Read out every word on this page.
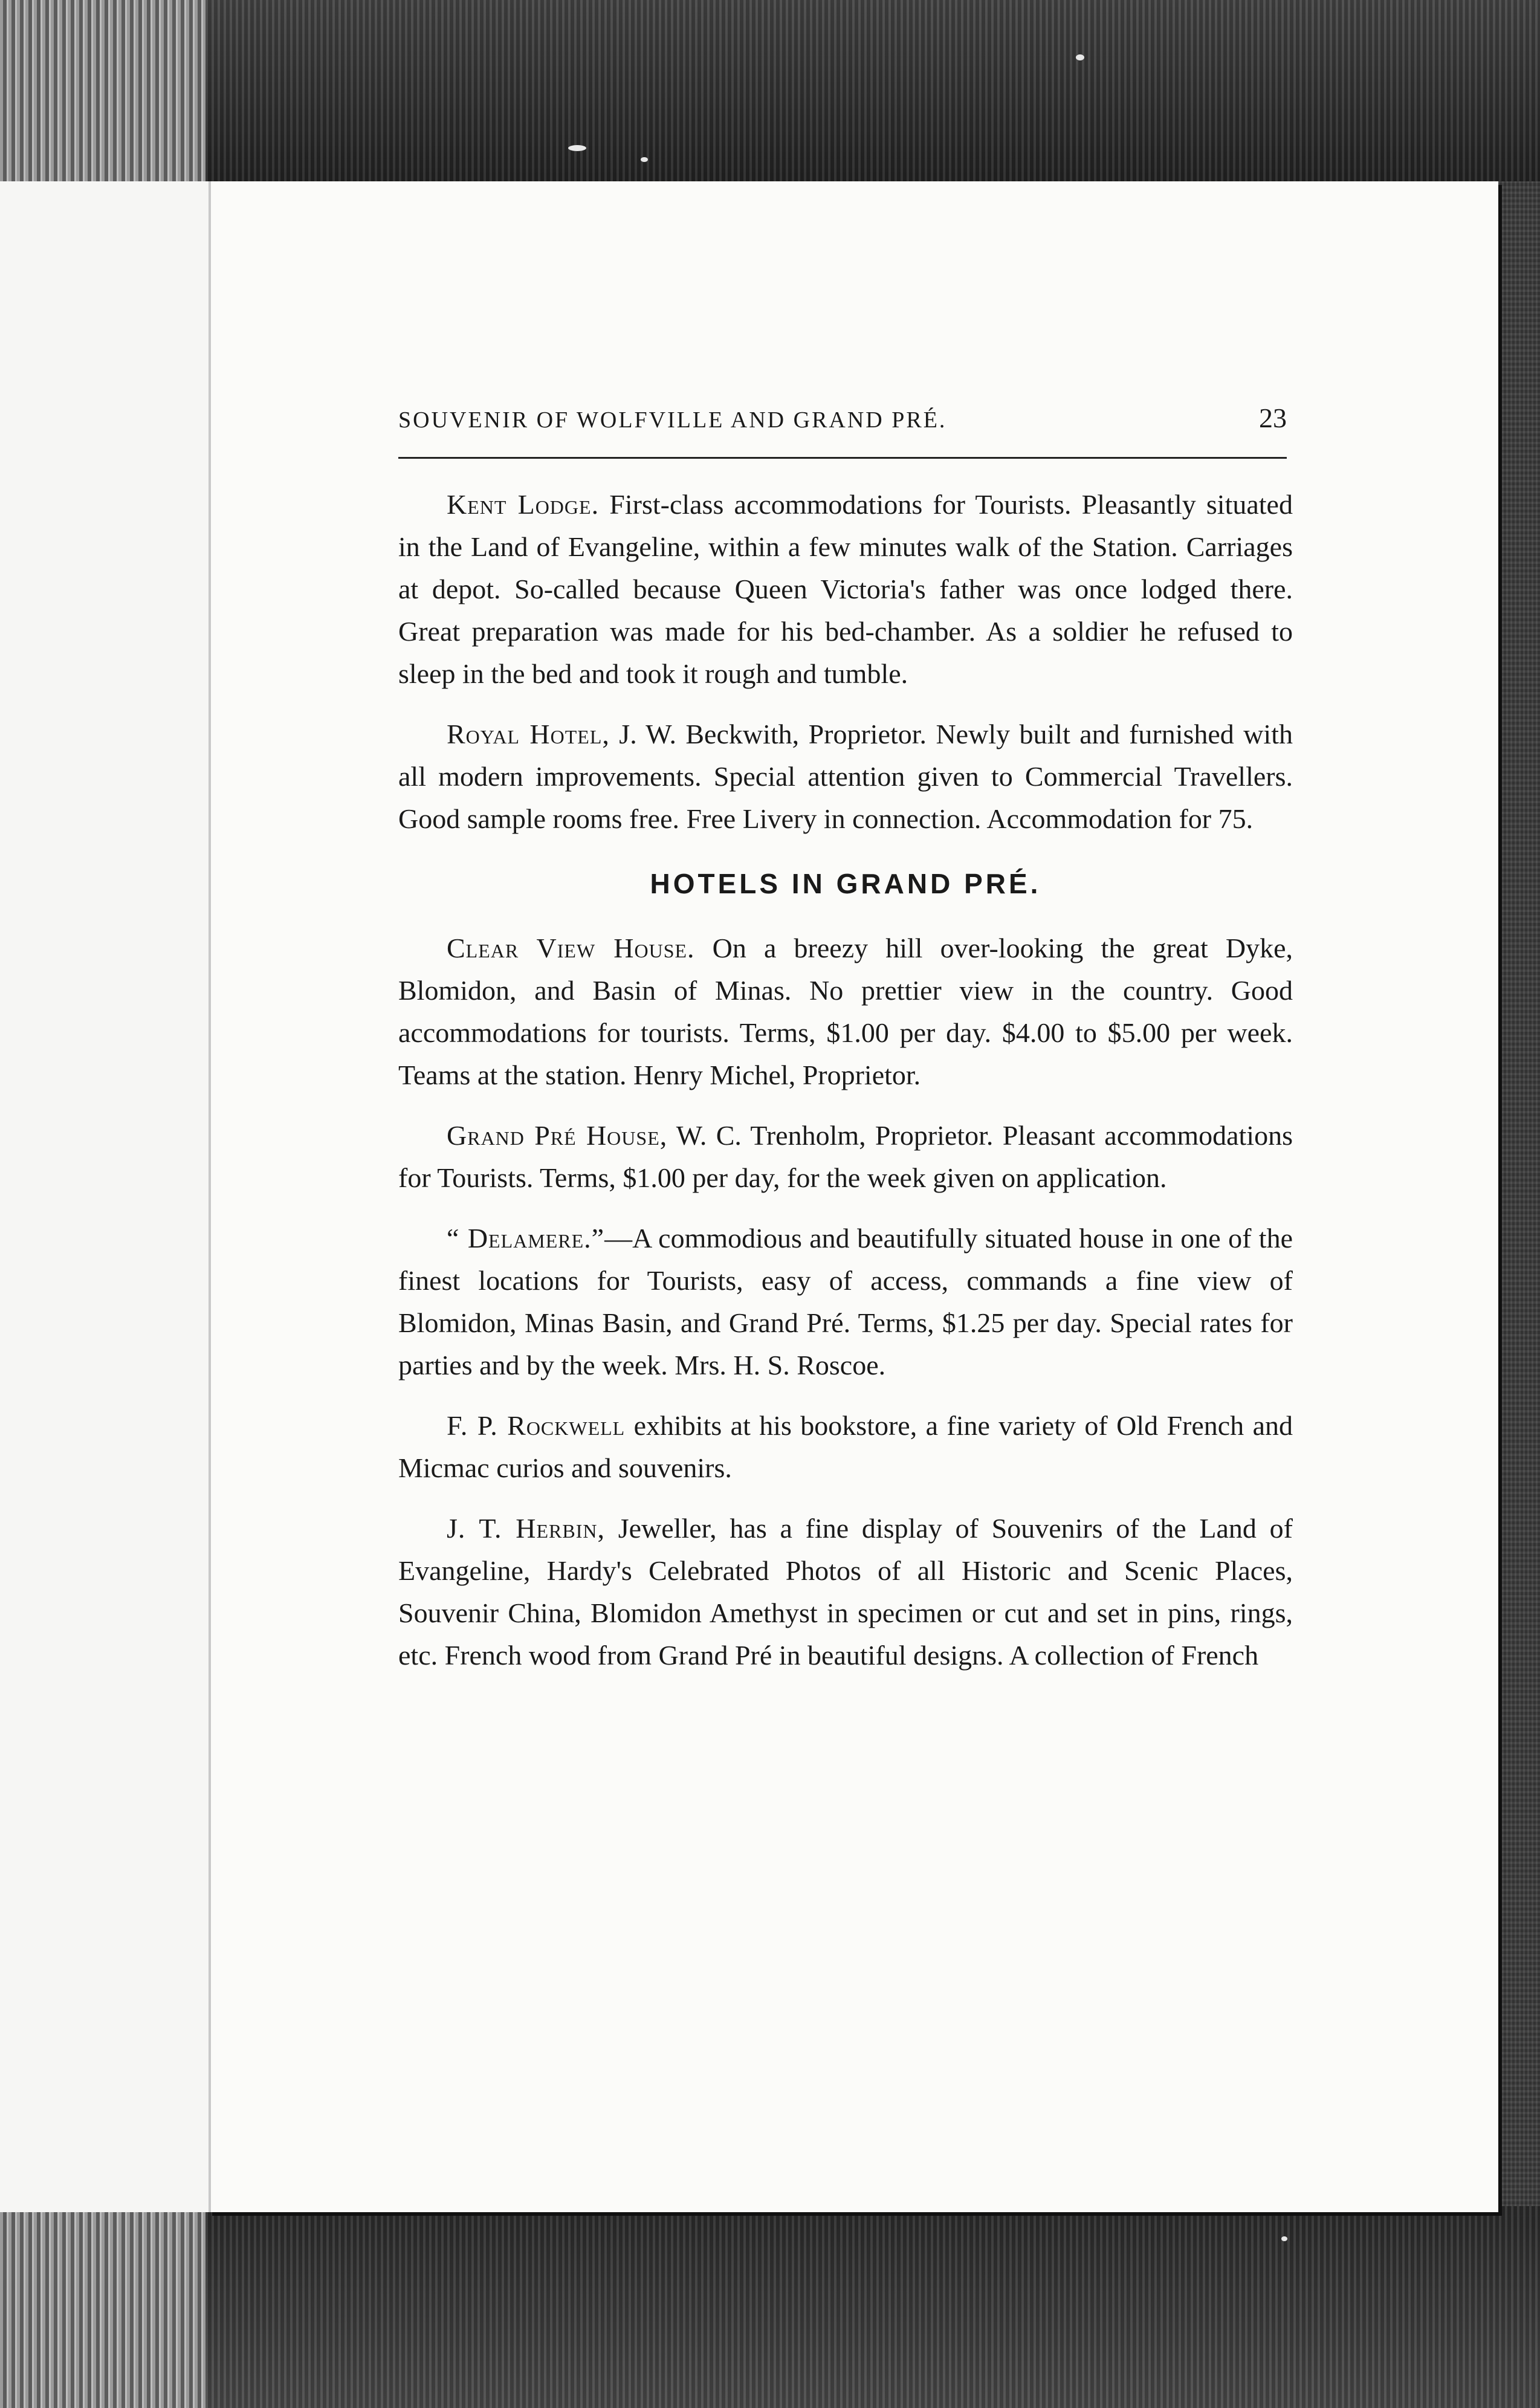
SOUVENIR OF WOLFVILLE AND GRAND PRÉ.	23

Kent Lodge. First-class accommodations for Tourists. Pleasantly situated in the Land of Evangeline, within a few minutes walk of the Station. Carriages at depot. So-called because Queen Victoria's father was once lodged there. Great preparation was made for his bed-chamber. As a soldier he refused to sleep in the bed and took it rough and tumble.

Royal Hotel, J. W. Beckwith, Proprietor. Newly built and furnished with all modern improvements. Special attention given to Commercial Travellers. Good sample rooms free. Free Livery in connection. Accommodation for 75.

HOTELS IN GRAND PRÉ.

Clear View House. On a breezy hill over-looking the great Dyke, Blomidon, and Basin of Minas. No prettier view in the country. Good accommodations for tourists. Terms, $1.00 per day. $4.00 to $5.00 per week. Teams at the station. Henry Michel, Proprietor.

Grand Pré House, W. C. Trenholm, Proprietor. Pleasant accommodations for Tourists. Terms, $1.00 per day, for the week given on application.

“ Delamere.”—A commodious and beautifully situated house in one of the finest locations for Tourists, easy of access, commands a fine view of Blomidon, Minas Basin, and Grand Pré. Terms, $1.25 per day. Special rates for parties and by the week. Mrs. H. S. Roscoe.

F. P. Rockwell exhibits at his bookstore, a fine variety of Old French and Micmac curios and souvenirs.

J. T. Herbin, Jeweller, has a fine display of Souvenirs of the Land of Evangeline, Hardy's Celebrated Photos of all Historic and Scenic Places, Souvenir China, Blomidon Amethyst in specimen or cut and set in pins, rings, etc. French wood from Grand Pré in beautiful designs. A collection of French
